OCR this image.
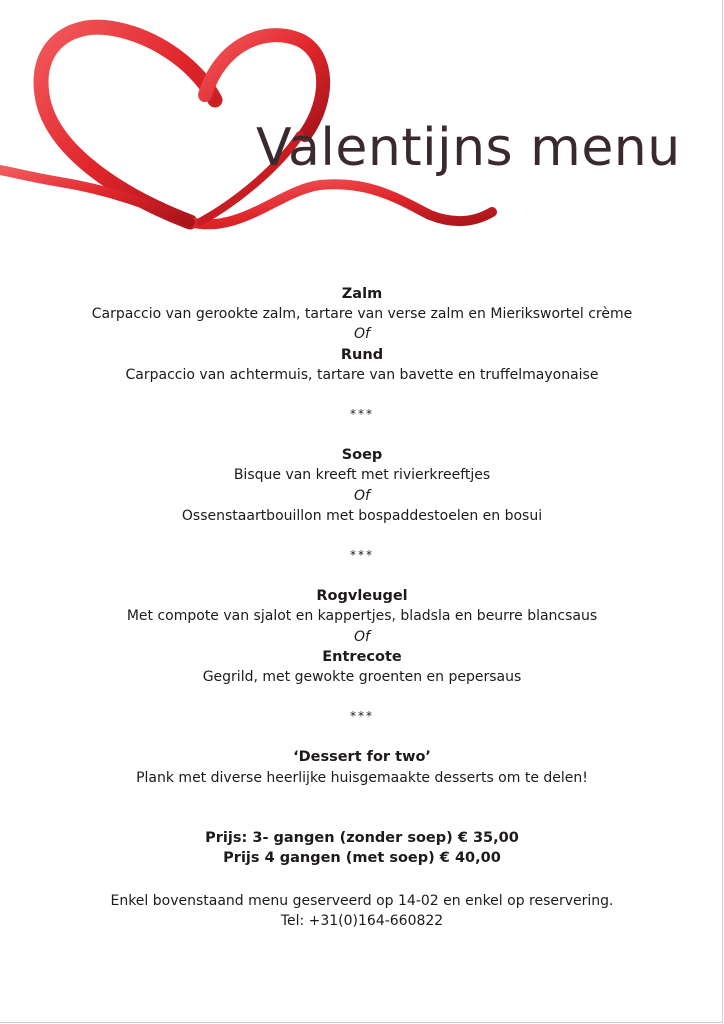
Valentijns menu
Zalm
Carpaccio van gerookte zalm, tartare van verse zalm en Mierikswortel crème
Of
Rund
Carpaccio van achtermuis, tartare van bavette en truffelmayonaise
***
Soep
Bisque van kreeft met rivierkreeftjes
Of
Ossenstaartbouillon met bospaddestoelen en bosui
***
Rogvleugel
Met compote van sjalot en kappertjes, bladsla en beurre blancsaus
Of
Entrecote
Gegrild, met gewokte groenten en pepersaus
***
‘Dessert for two’
Plank met diverse heerlijke huisgemaakte desserts om te delen!
Prijs: 3- gangen (zonder soep) € 35,00
Prijs 4 gangen (met soep) € 40,00
Enkel bovenstaand menu geserveerd op 14-02 en enkel op reservering.
Tel: +31(0)164-660822
